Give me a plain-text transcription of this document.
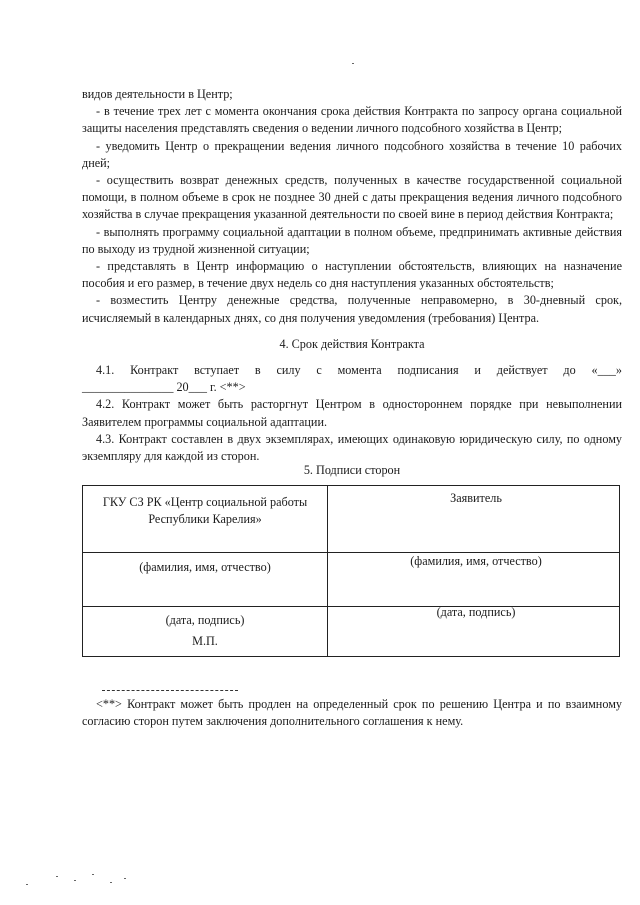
видов деятельности в Центр;

- в течение трех лет с момента окончания срока действия Контракта по запросу органа социальной защиты населения представлять сведения о ведении личного подсобного хозяйства в Центр;

- уведомить Центр о прекращении ведения личного подсобного хозяйства в течение 10 рабочих дней;

- осуществить возврат денежных средств, полученных в качестве государственной социальной помощи, в полном объеме в срок не позднее 30 дней с даты прекращения ведения личного подсобного хозяйства в случае прекращения указанной деятельности по своей вине в период действия Контракта;

- выполнять программу социальной адаптации в полном объеме, предпринимать активные действия по выходу из трудной жизненной ситуации;

- представлять в Центр информацию о наступлении обстоятельств, влияющих на назначение пособия и его размер, в течение двух недель со дня наступления указанных обстоятельств;

- возместить Центру денежные средства, полученные неправомерно, в 30-дневный срок, исчисляемый в календарных днях, со дня получения уведомления (требования) Центра.

4. Срок действия Контракта

4.1. Контракт вступает в силу с момента подписания и действует до «___»

_______________ 20___ г. <**>

4.2. Контракт может быть расторгнут Центром в одностороннем порядке при невыполнении Заявителем программы социальной адаптации.

4.3. Контракт составлен в двух экземплярах, имеющих одинаковую юридическую силу, по одному экземпляру для каждой из сторон.

5. Подписи сторон
ГКУ СЗ РК «Центр социальной работы Республики Карелия»
Заявитель
(фамилия, имя, отчество)	(фамилия, имя, отчество)
(дата, подпись)
(дата, подпись)
М.П.

<**> Контракт может быть продлен на определенный срок по решению Центра и по взаимному согласию сторон путем заключения дополнительного соглашения к нему.
